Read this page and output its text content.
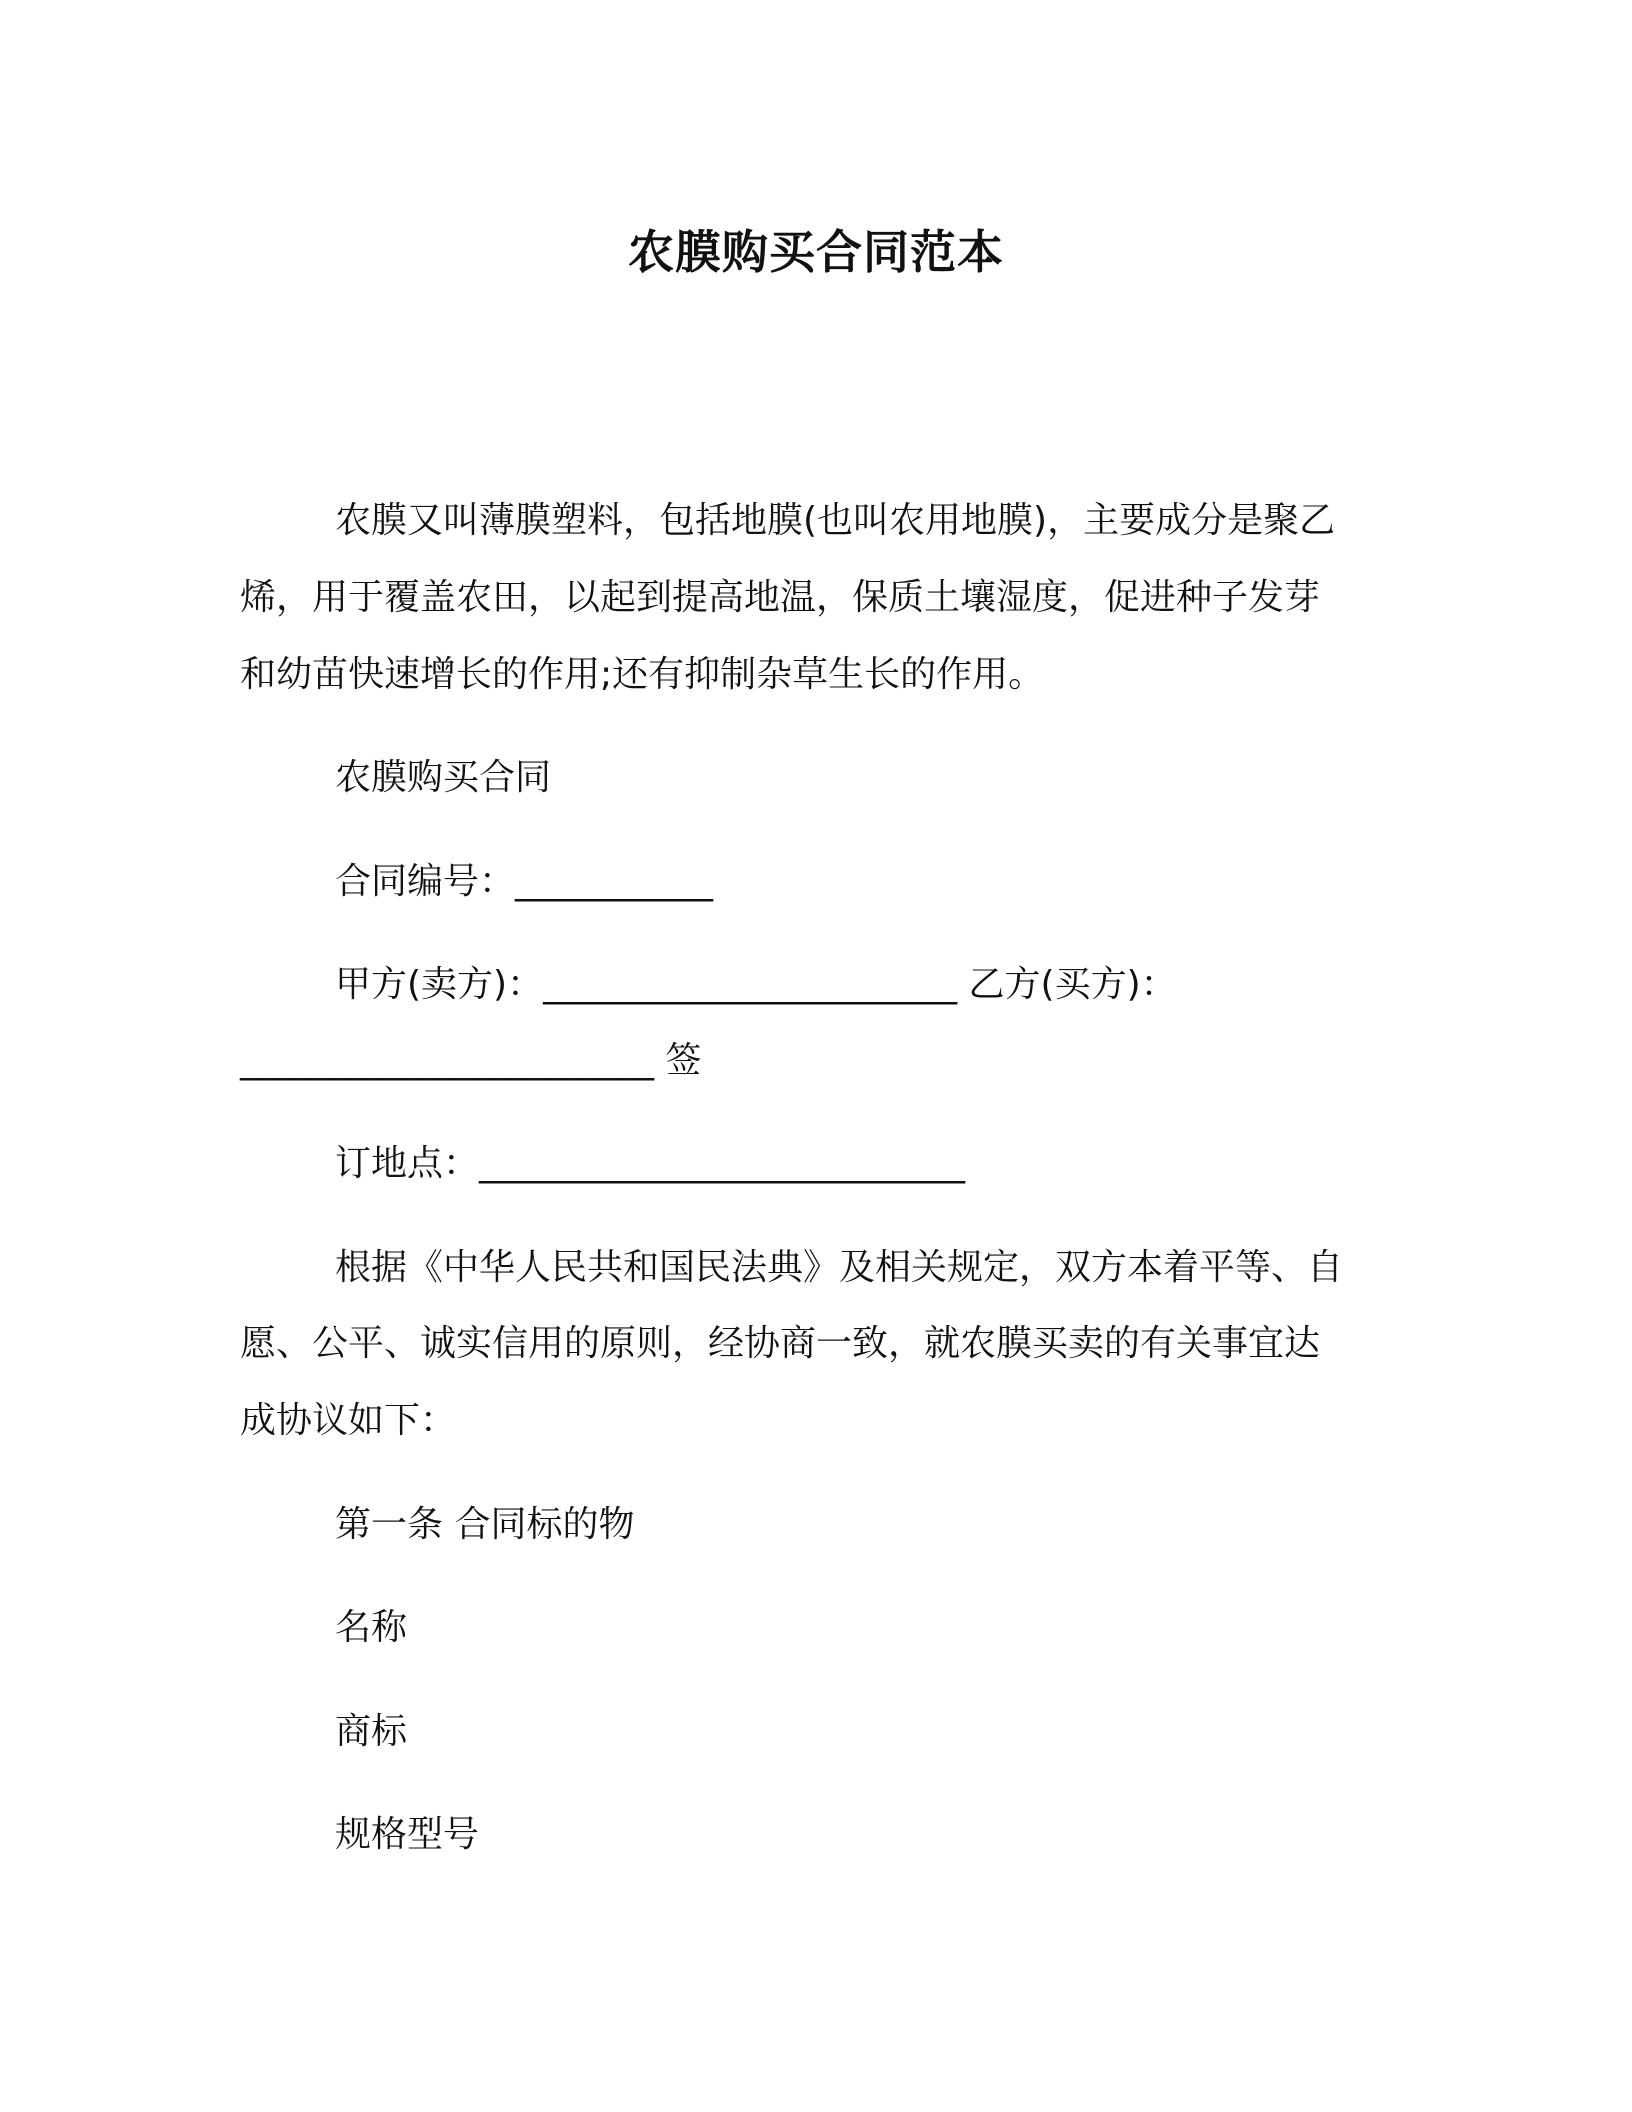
农膜购买合同范本
农膜又叫薄膜塑料，包括地膜(也叫农用地膜)，主要成分是聚乙
烯，用于覆盖农田，以起到提高地温，保质土壤湿度，促进种子发芽
和幼苗快速增长的作用;还有抑制杂草生长的作用。
农膜购买合同
合同编号：___________
甲方(卖方)：_______________________ 乙方(买方)：
_______________________ 签
订地点：___________________________
根据《中华人民共和国民法典》及相关规定，双方本着平等、自
愿、公平、诚实信用的原则，经协商一致，就农膜买卖的有关事宜达
成协议如下：
第一条 合同标的物
名称
商标
规格型号
